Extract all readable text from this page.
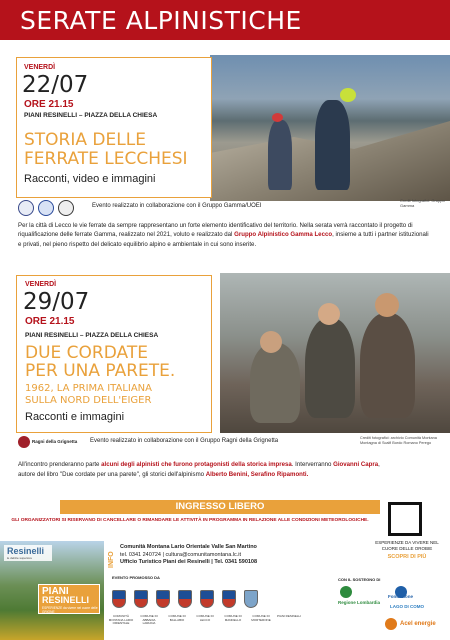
SERATE ALPINISTICHE
Credit fotografici: Gruppo Gamma
VENERDÌ
22/07
ORE 21.15
PIANI RESINELLI – PIAZZA DELLA CHIESA
STORIA DELLE
FERRATE LECCHESI
Racconti, video e immagini
Evento realizzato in collaborazione con il Gruppo Gamma/UOEI
Per la città di Lecco le vie ferrate da sempre rappresentano un forte elemento identificativo del territorio. Nella serata verrà raccontato il progetto di riqualificazione delle ferrate Gamma, realizzato nel 2021, voluto e realizzato dal Gruppo Alpinistico Gamma Lecco, insieme a tutti i partner istituzionali e privati, nel pieno rispetto del delicato equilibrio alpino e ambientale in cui sono inserite.
VENERDÌ
29/07
ORE 21.15
PIANI RESINELLI – PIAZZA DELLA CHIESA
DUE CORDATE
PER UNA PARETE.
1962, LA PRIMA ITALIANA
SULLA NORD DELL'EIGER
Racconti e immagini
Ragni della Grignetta Evento realizzato in collaborazione con il Gruppo Ragni della Grignetta	Crediti fotografici: archivio Comunità Montana Montagna di Scalfi Bordo Romano Perego
All'incontro prenderanno parte alcuni degli alpinisti che furono protagonisti della storica impresa. Interverranno Giovanni Capra, autore del libro "Due cordate per una parete", gli storici dell'alpinismo Alberto Benini, Serafino Ripamonti.
INGRESSO LIBERO
GLI ORGANIZZATORI SI RISERVANO DI CANCELLARE O RIMANDARE LE ATTIVITÀ IN PROGRAMMA IN RELAZIONE ALLE CONDIZIONI METEOROLOGICHE.
ESPERIENZE DA VIVERE NEL CUORE DELLE OROBIE
SCOPRI DI PIÙ
Resinelli
le delizie superiore
PIANI
RESINELLI
ESPERIENZE da vivere nel cuore delle GRIGNE
INFO
Comunità Montana Lario Orientale Valle San Martino
tel. 0341 240724 | cultura@comunitamontana.lc.it
Ufficio Turistico Piani dei Resinelli | Tel. 0341 590108
EVENTO PROMOSSO DA
COMUNITÀ MONTANA LARIO ORIENTALE
COMUNE DI ABBADIA LARIANA
COMUNE DI BALLABIO
COMUNE DI LECCO
COMUNE DI MANDELLO
COMUNE DI MORTERONE
PIANI RESINELLI
CON IL SOSTEGNO DI
Regione Lombardia
Fondazione
LAGO DI COMO
Acel energie
